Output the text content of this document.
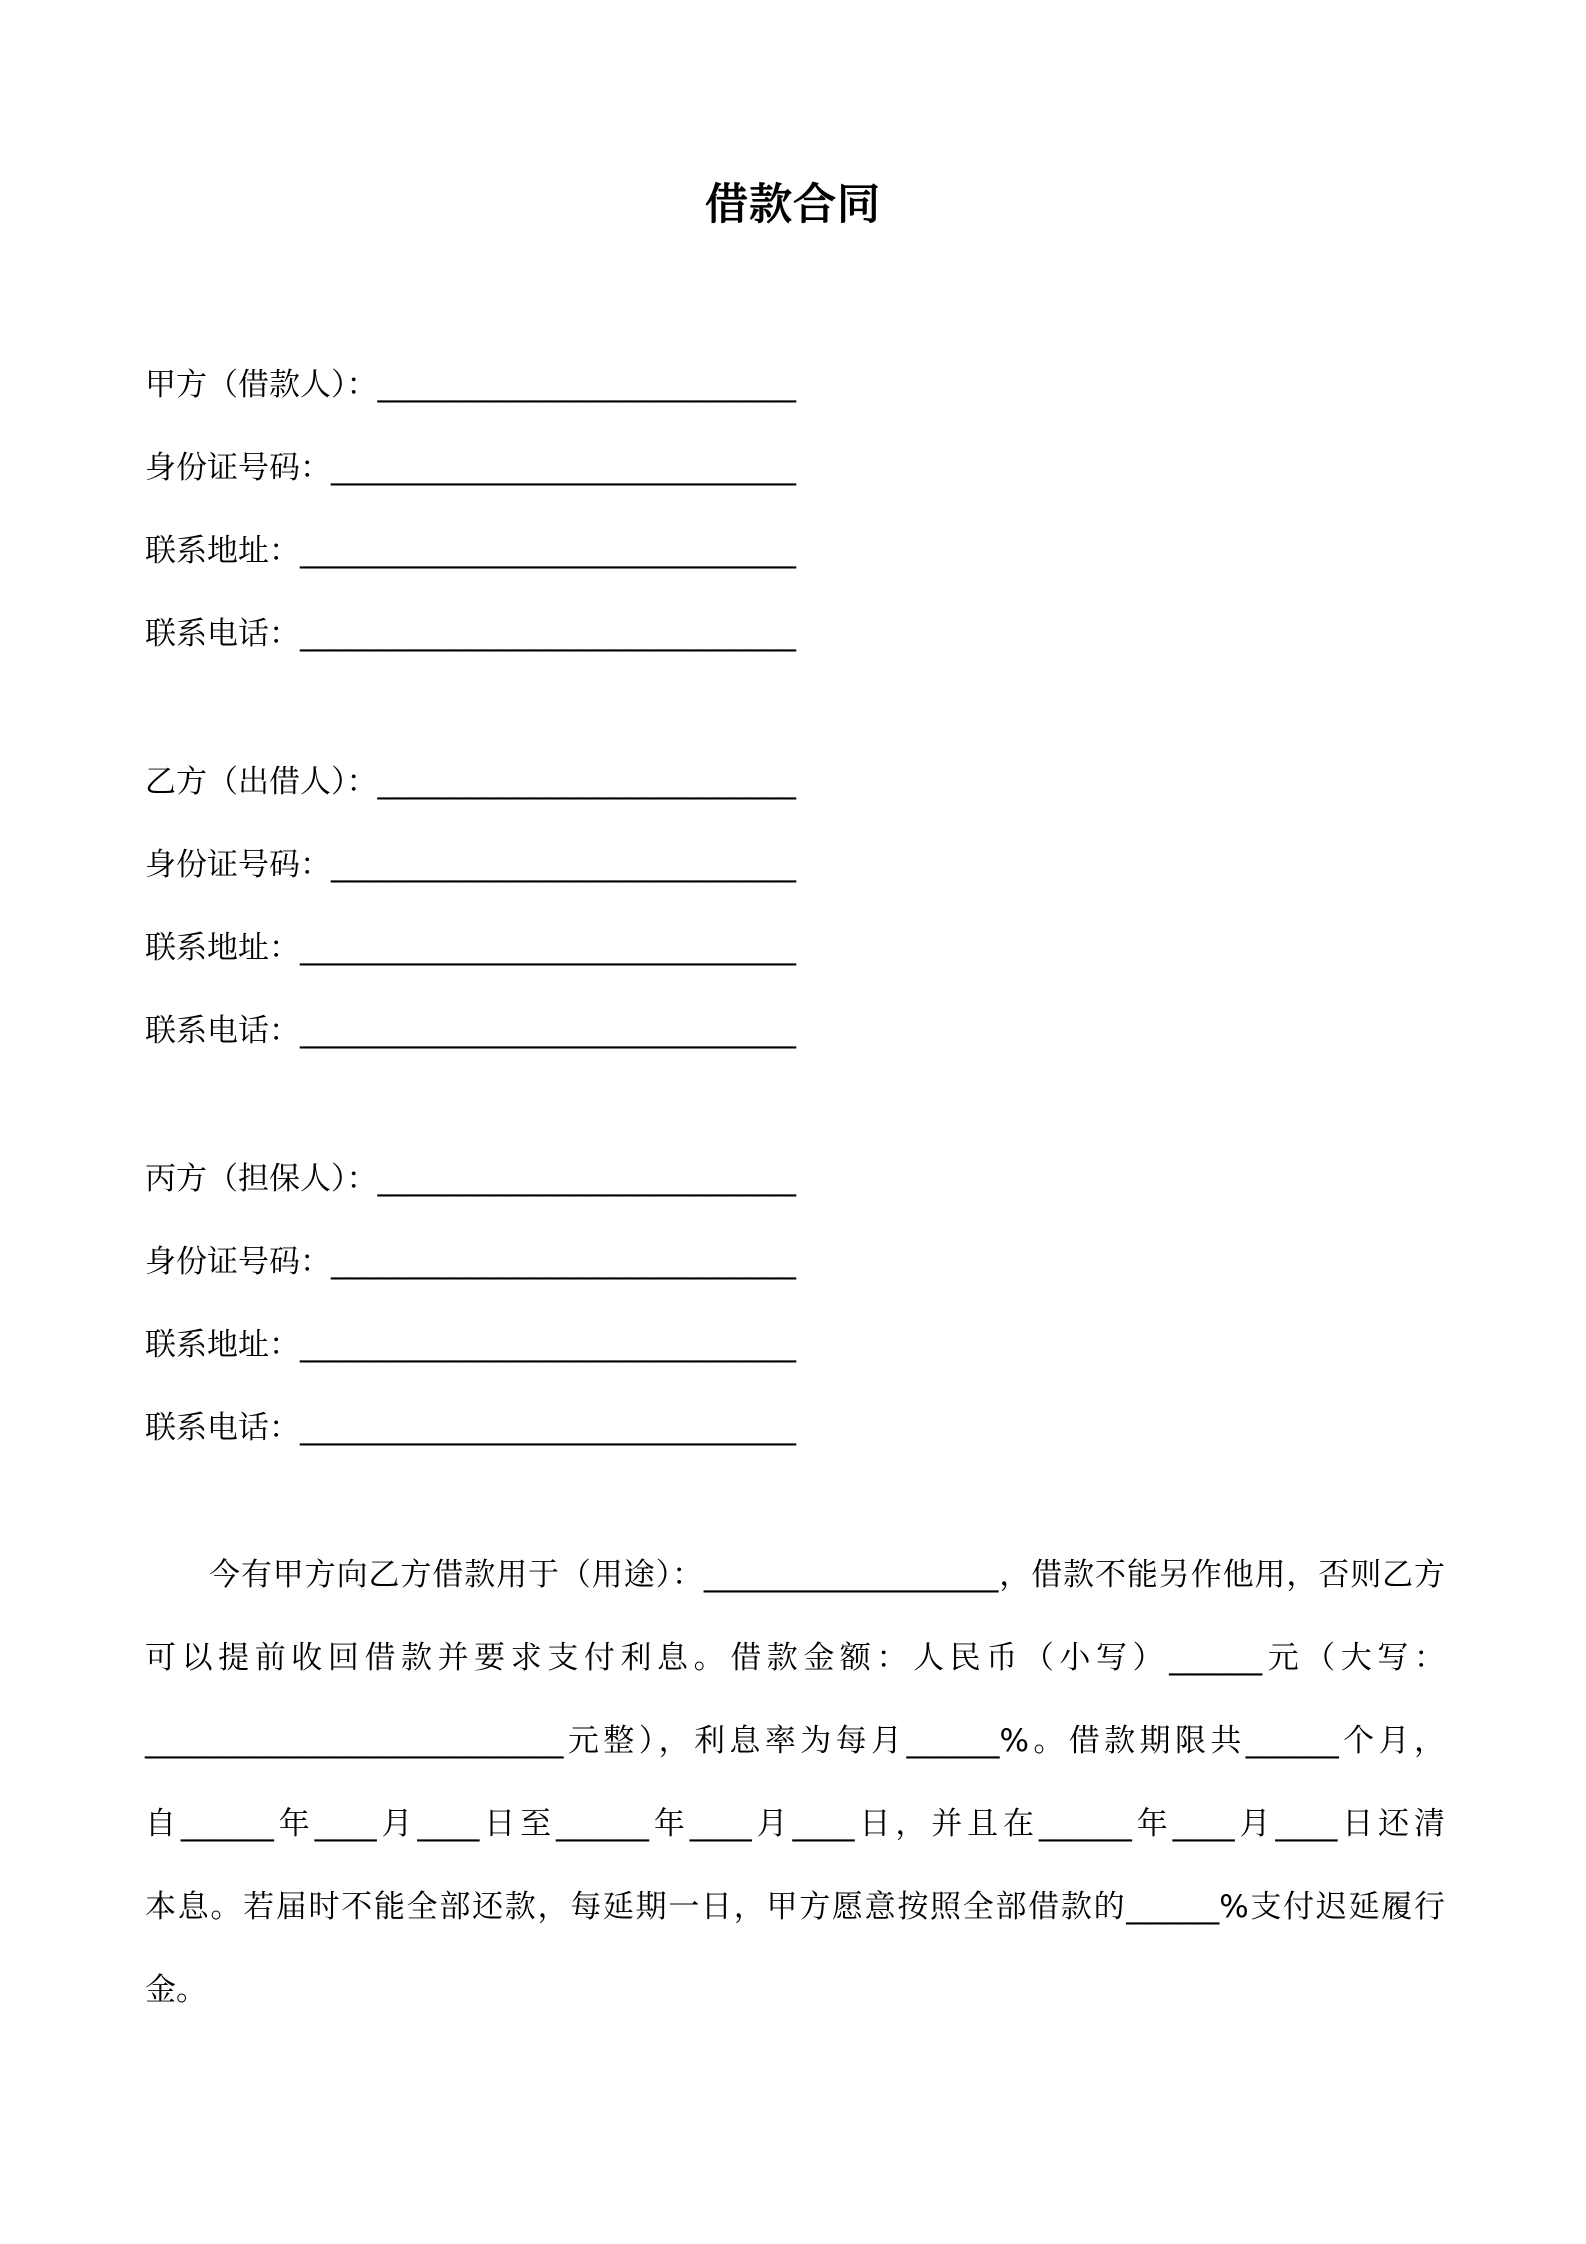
借款合同
甲方（借款人）：___________________________
身份证号码：______________________________
联系地址：________________________________
联系电话：________________________________
乙方（出借人）：___________________________
身份证号码：______________________________
联系地址：________________________________
联系电话：________________________________
丙方（担保人）：___________________________
身份证号码：______________________________
联系地址：________________________________
联系电话：________________________________
今有甲方向乙方借款用于（用途）：___________________，借款不能另作他用，否则乙方
可以提前收回借款并要求支付利息。借款金额：人民币（小写）______元（大写：
___________________________元整），利息率为每月______%。借款期限共______个月，
自______年____月____日至______年____月____日，并且在______年____月____日还清
本息。若届时不能全部还款，每延期一日，甲方愿意按照全部借款的______%支付迟延履行
金。
